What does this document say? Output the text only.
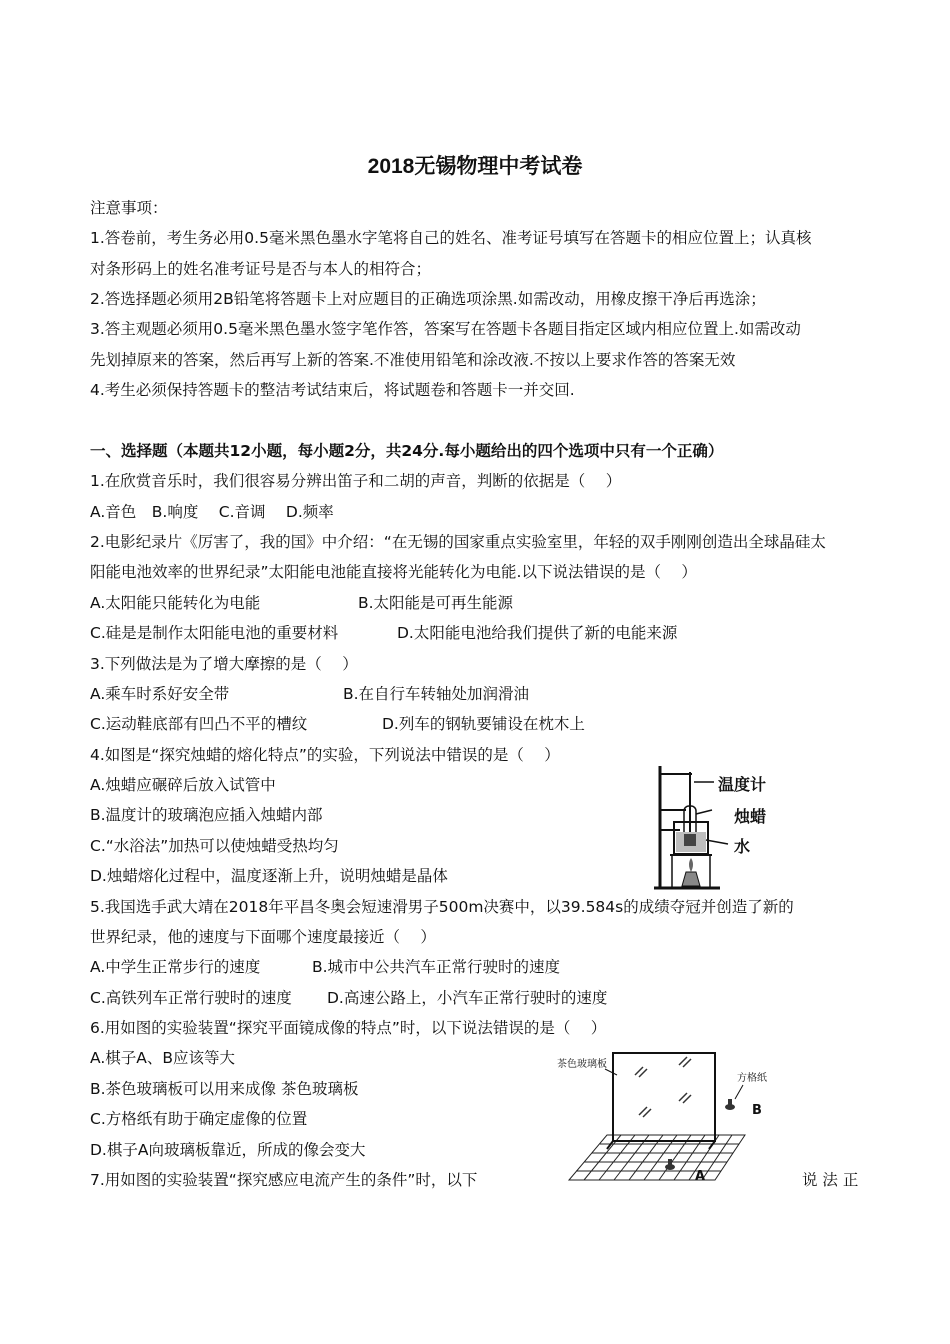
2018无锡物理中考试卷
注意事项：
1.答卷前，考生务必用0.5毫米黑色墨水字笔将自己的姓名、准考证号填写在答题卡的相应位置上；认真核
对条形码上的姓名准考证号是否与本人的相符合；
2.答选择题必须用2B铅笔将答题卡上对应题目的正确选项涂黑.如需改动，用橡皮擦干净后再选涂；
3.答主观题必须用0.5毫米黑色墨水签字笔作答，答案写在答题卡各题目指定区域内相应位置上.如需改动
先划掉原来的答案，然后再写上新的答案.不准使用铅笔和涂改液.不按以上要求作答的答案无效
4.考生必须保持答题卡的整洁考试结束后，将试题卷和答题卡一并交回.
一、选择题（本题共12小题，每小题2分，共24分.每小题给出的四个选项中只有一个正确）
1.在欣赏音乐时，我们很容易分辨出笛子和二胡的声音，判断的依据是（　 ）
A.音色　B.响度　 C.音调　 D.频率
2.电影纪录片《厉害了，我的国》中介绍：“在无锡的国家重点实验室里，年轻的双手刚刚创造出全球晶硅太
阳能电池效率的世界纪录”太阳能电池能直接将光能转化为电能.以下说法错误的是（　 ）
A.太阳能只能转化为电能	B.太阳能是可再生能源
C.硅是是制作太阳能电池的重要材料	D.太阳能电池给我们提供了新的电能来源
3.下列做法是为了增大摩擦的是（　 ）
A.乘车时系好安全带	B.在自行车转轴处加润滑油
C.运动鞋底部有凹凸不平的槽纹	D.列车的钢轨要铺设在枕木上
4.如图是“探究烛蜡的熔化特点”的实验，下列说法中错误的是（　 ）
A.烛蜡应碾碎后放入试管中
B.温度计的玻璃泡应插入烛蜡内部
C.“水浴法”加热可以使烛蜡受热均匀
D.烛蜡熔化过程中，温度逐渐上升，说明烛蜡是晶体
温度计
烛蜡
水
5.我国选手武大靖在2018年平昌冬奥会短速滑男子500m决赛中，以39.584s的成绩夺冠并创造了新的
世界纪录，他的速度与下面哪个速度最接近（　 ）
A.中学生正常步行的速度	B.城市中公共汽车正常行驶时的速度
C.高铁列车正常行驶时的速度 D.高速公路上，小汽车正常行驶时的速度
6.用如图的实验装置“探究平面镜成像的特点”时，以下说法错误的是（　 ）
A.棋子A、B应该等大
B.茶色玻璃板可以用来成像 茶色玻璃板
C.方格纸有助于确定虚像的位置
D.棋子A向玻璃板靠近，所成的像会变大
茶色玻璃板
方格纸
A
B
7.用如图的实验装置“探究感应电流产生的条件”时，以下	说 法 正
